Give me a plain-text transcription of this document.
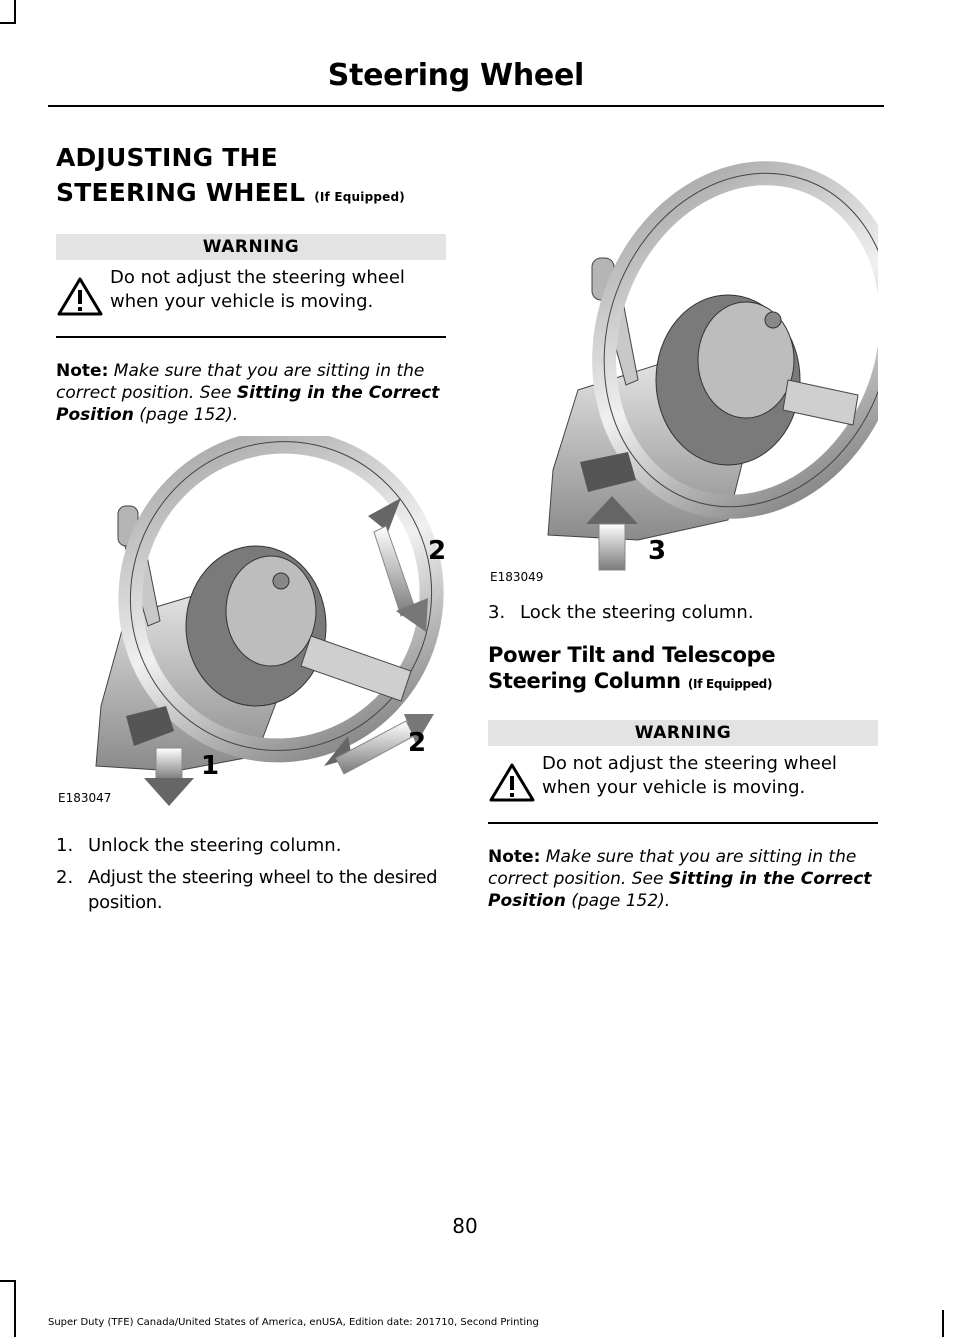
Steering Wheel
ADJUSTING THE STEERING WHEEL (If Equipped)
WARNING
Do not adjust the steering wheel when your vehicle is moving.
Note: Make sure that you are sitting in the correct position. See Sitting in the Correct Position (page 152).
2
2
1
E183047
1. Unlock the steering column.
2. Adjust the steering wheel to the desired position.
3
E183049
3. Lock the steering column.
Power Tilt and Telescope Steering Column (If Equipped)
WARNING
Do not adjust the steering wheel when your vehicle is moving.
Note: Make sure that you are sitting in the correct position. See Sitting in the Correct Position (page 152).
80
Super Duty (TFE) Canada/United States of America, enUSA, Edition date: 201710, Second Printing
